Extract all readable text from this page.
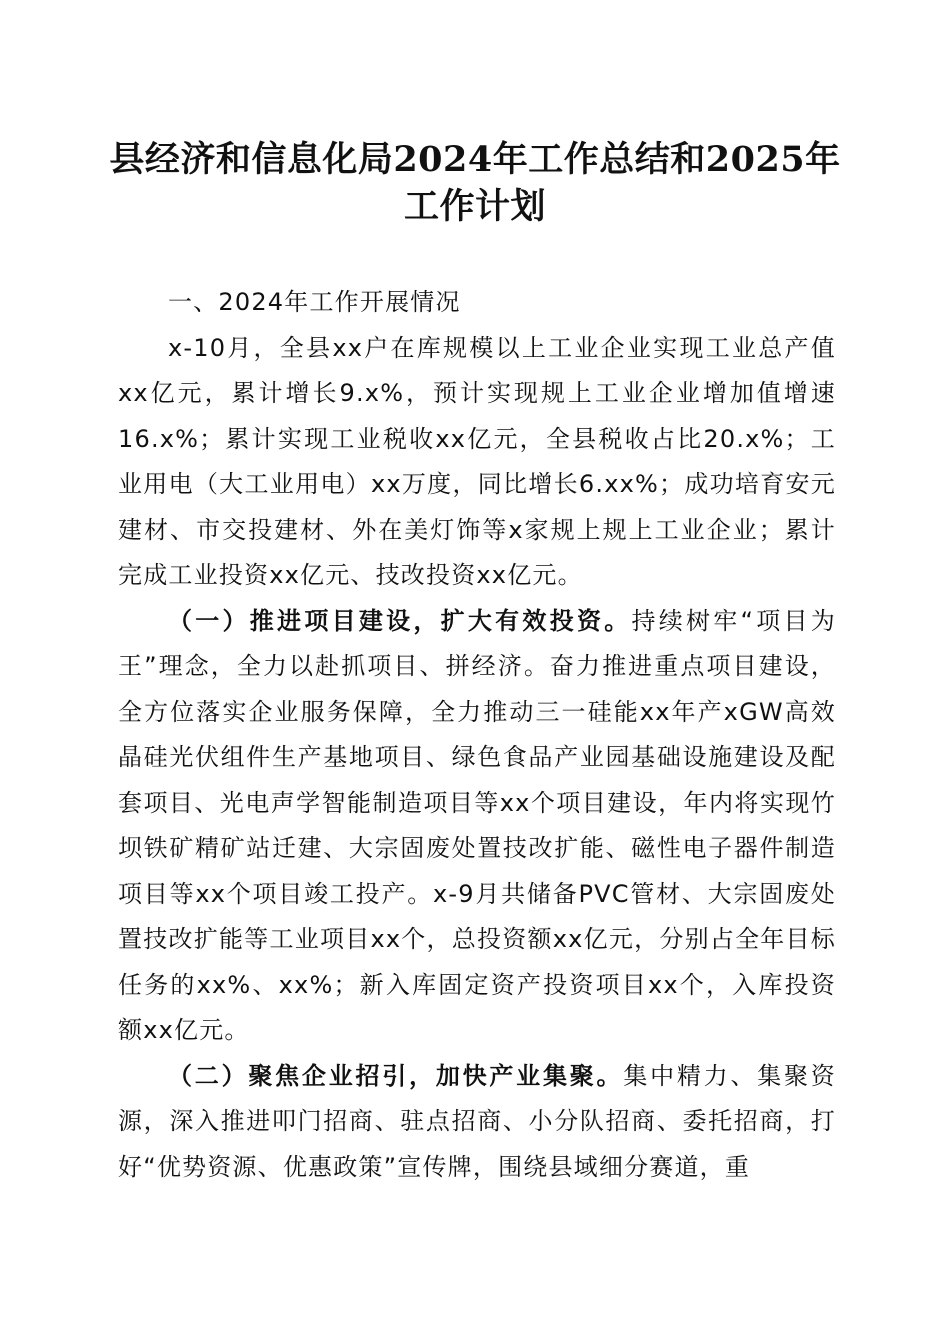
县经济和信息化局2024年工作总结和2025年
工作计划

一、2024年工作开展情况

x-10月，全县xx户在库规模以上工业企业实现工业总产值xx亿元，累计增长9.x%，预计实现规上工业企业增加值增速16.x%；累计实现工业税收xx亿元，全县税收占比20.x%；工业用电（大工业用电）xx万度，同比增长6.xx%；成功培育安元建材、市交投建材、外在美灯饰等x家规上规上工业企业；累计完成工业投资xx亿元、技改投资xx亿元。

（一）推进项目建设，扩大有效投资。持续树牢“项目为王”理念，全力以赴抓项目、拼经济。奋力推进重点项目建设，全方位落实企业服务保障，全力推动三一硅能xx年产xGW高效晶硅光伏组件生产基地项目、绿色食品产业园基础设施建设及配套项目、光电声学智能制造项目等xx个项目建设，年内将实现竹坝铁矿精矿站迁建、大宗固废处置技改扩能、磁性电子器件制造项目等xx个项目竣工投产。x-9月共储备PVC管材、大宗固废处置技改扩能等工业项目xx个，总投资额xx亿元，分别占全年目标任务的xx%、xx%；新入库固定资产投资项目xx个，入库投资额xx亿元。

（二）聚焦企业招引，加快产业集聚。集中精力、集聚资源，深入推进叩门招商、驻点招商、小分队招商、委托招商，打好“优势资源、优惠政策”宣传牌，围绕县域细分赛道，重
